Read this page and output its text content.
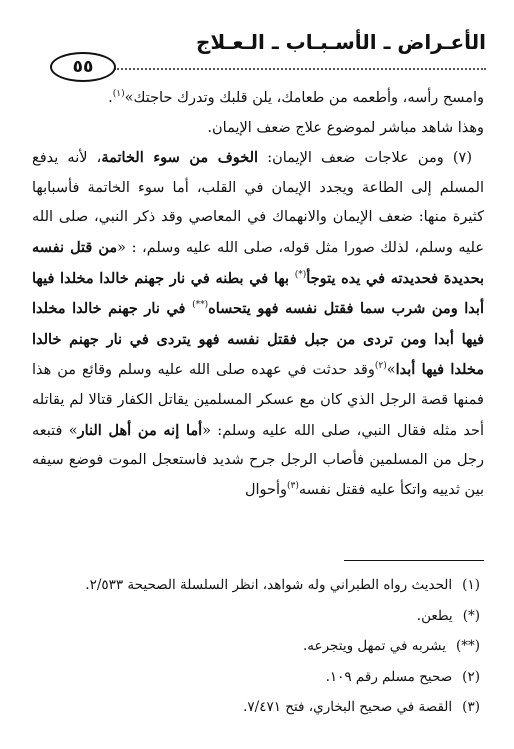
الأعـراض ـ الأسـبـاب ـ الـعـلاج
٥٥

وامسح رأسه، وأطعمه من طعامك، يلن قلبك وتدرك حاجتك»$^{(١)}$.

وهذا شاهد مباشر لموضوع علاج ضعف الإيمان.

(٧) ومن علاجات ضعف الإيمان: الخوف من سوء الخاتمة، لأنه يدفع المسلم إلى الطاعة ويجدد الإيمان في القلب، أما سوء الخاتمة فأسبابها كثيرة منها: ضعف الإيمان والانهماك في المعاصي وقد ذكر النبي، صلى الله عليه وسلم، لذلك صورا مثل قوله، صلى الله عليه وسلم، : «من قتل نفسه بحديدة فحديدته في يده يتوجأ(*) بها في بطنه في نار جهنم خالدا مخلدا فيها أبدا ومن شرب سما فقتل نفسه فهو يتحساه(**) في نار جهنم خالدا مخلدا فيها أبدا ومن تردى من جبل فقتل نفسه فهو يتردى في نار جهنم خالدا مخلدا فيها أبدا»$^{(٢)}$وقد حدثت في عهده صلى الله عليه وسلم وقائع من هذا فمنها قصة الرجل الذي كان مع عسكر المسلمين يقاتل الكفار قتالا لم يقاتله أحد مثله فقال النبي، صلى الله عليه وسلم: «أما إنه من أهل النار» فتبعه رجل من المسلمين فأصاب الرجل جرح شديد فاستعجل الموت فوضع سيفه بين ثدييه واتكأ عليه فقتل نفسه$^{(٣)}$وأحوال

(١)
الحديث رواه الطبراني وله شواهد، انظر السلسلة الصحيحة ٢/٥٣٣.
(*)
يطعن.
(**)
يشربه في تمهل ويتجرعه.
(٢)
صحيح مسلم رقم ١٠٩.
(٣)
القصة في صحيح البخاري، فتح ٧/٤٧١.
